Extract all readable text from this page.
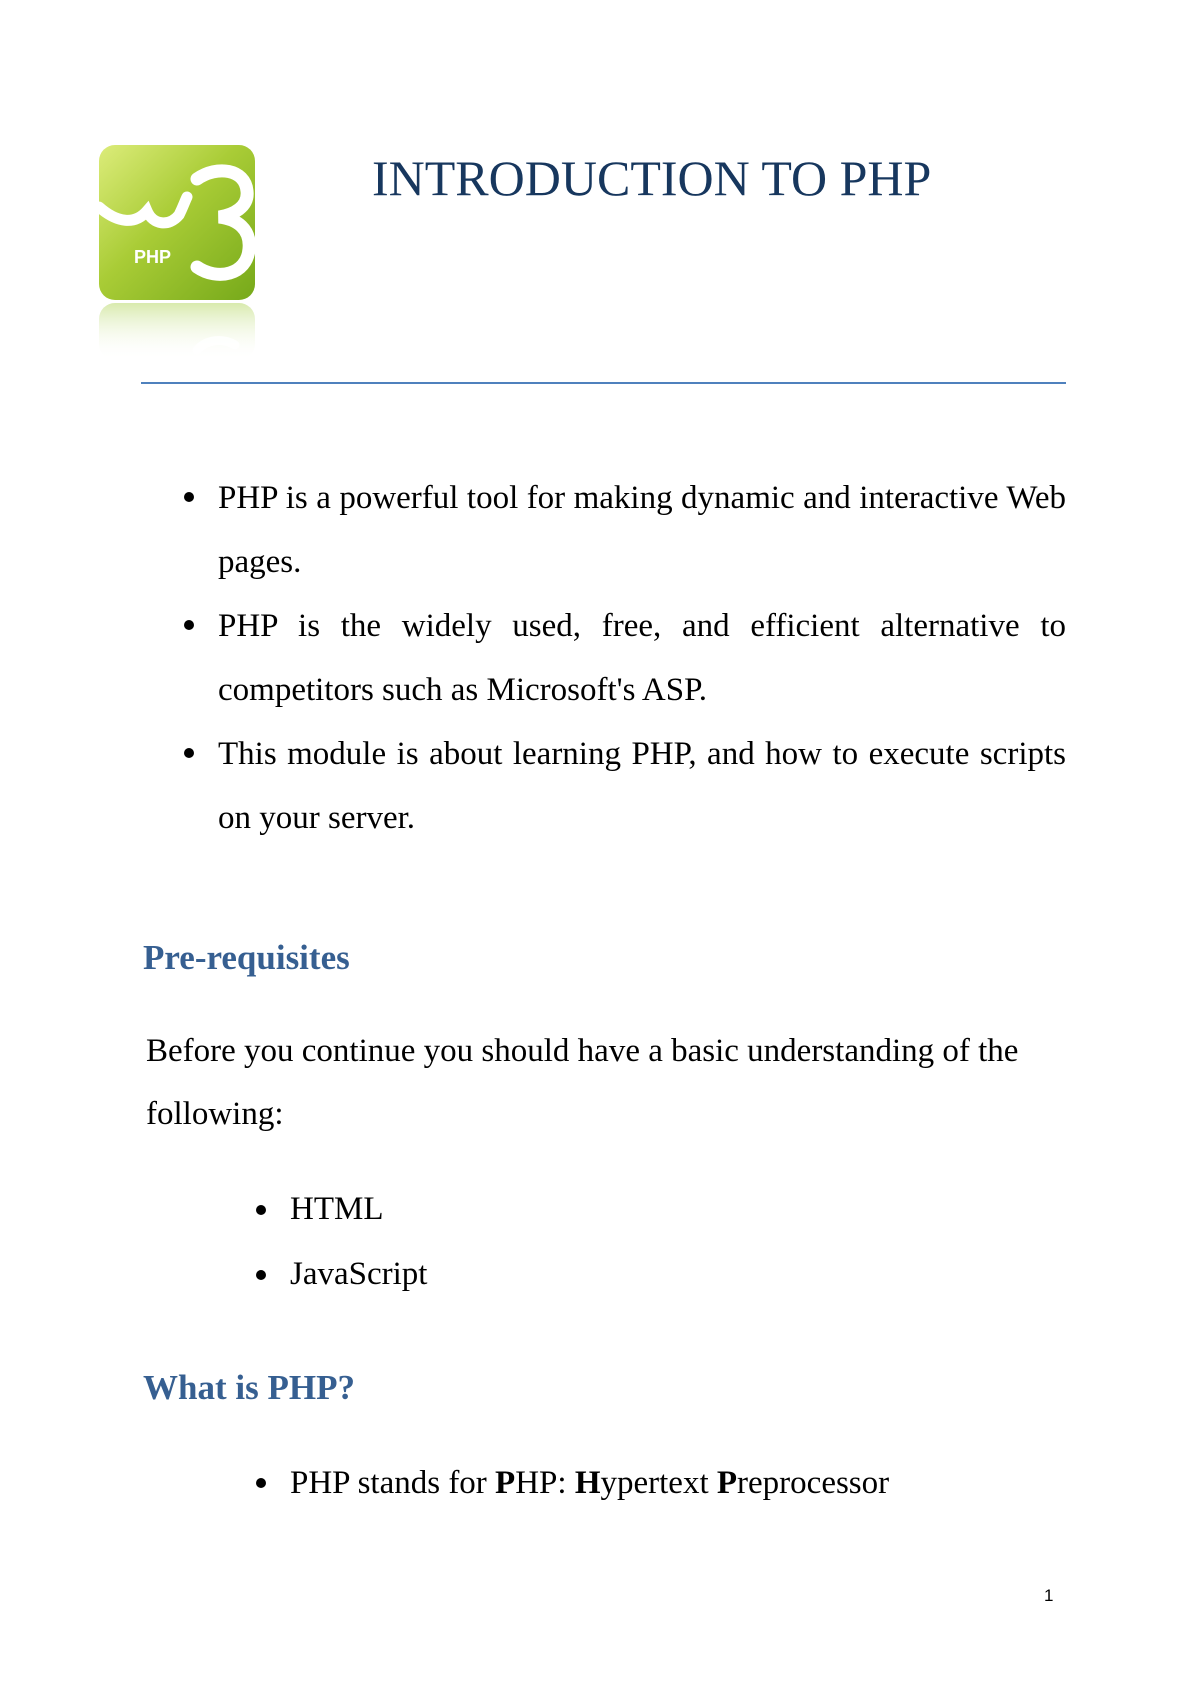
PHP
INTRODUCTION TO PHP
PHP is a powerful tool for making dynamic and interactive Web pages.
PHP is the widely used, free, and efficient alternative to competitors such as Microsoft's ASP.
This module is about learning PHP, and how to execute scripts on your server.
Pre-requisites

Before you continue you should have a basic understanding of the following:

HTML
JavaScript
What is PHP?
PHP stands for PHP: Hypertext Preprocessor
1
